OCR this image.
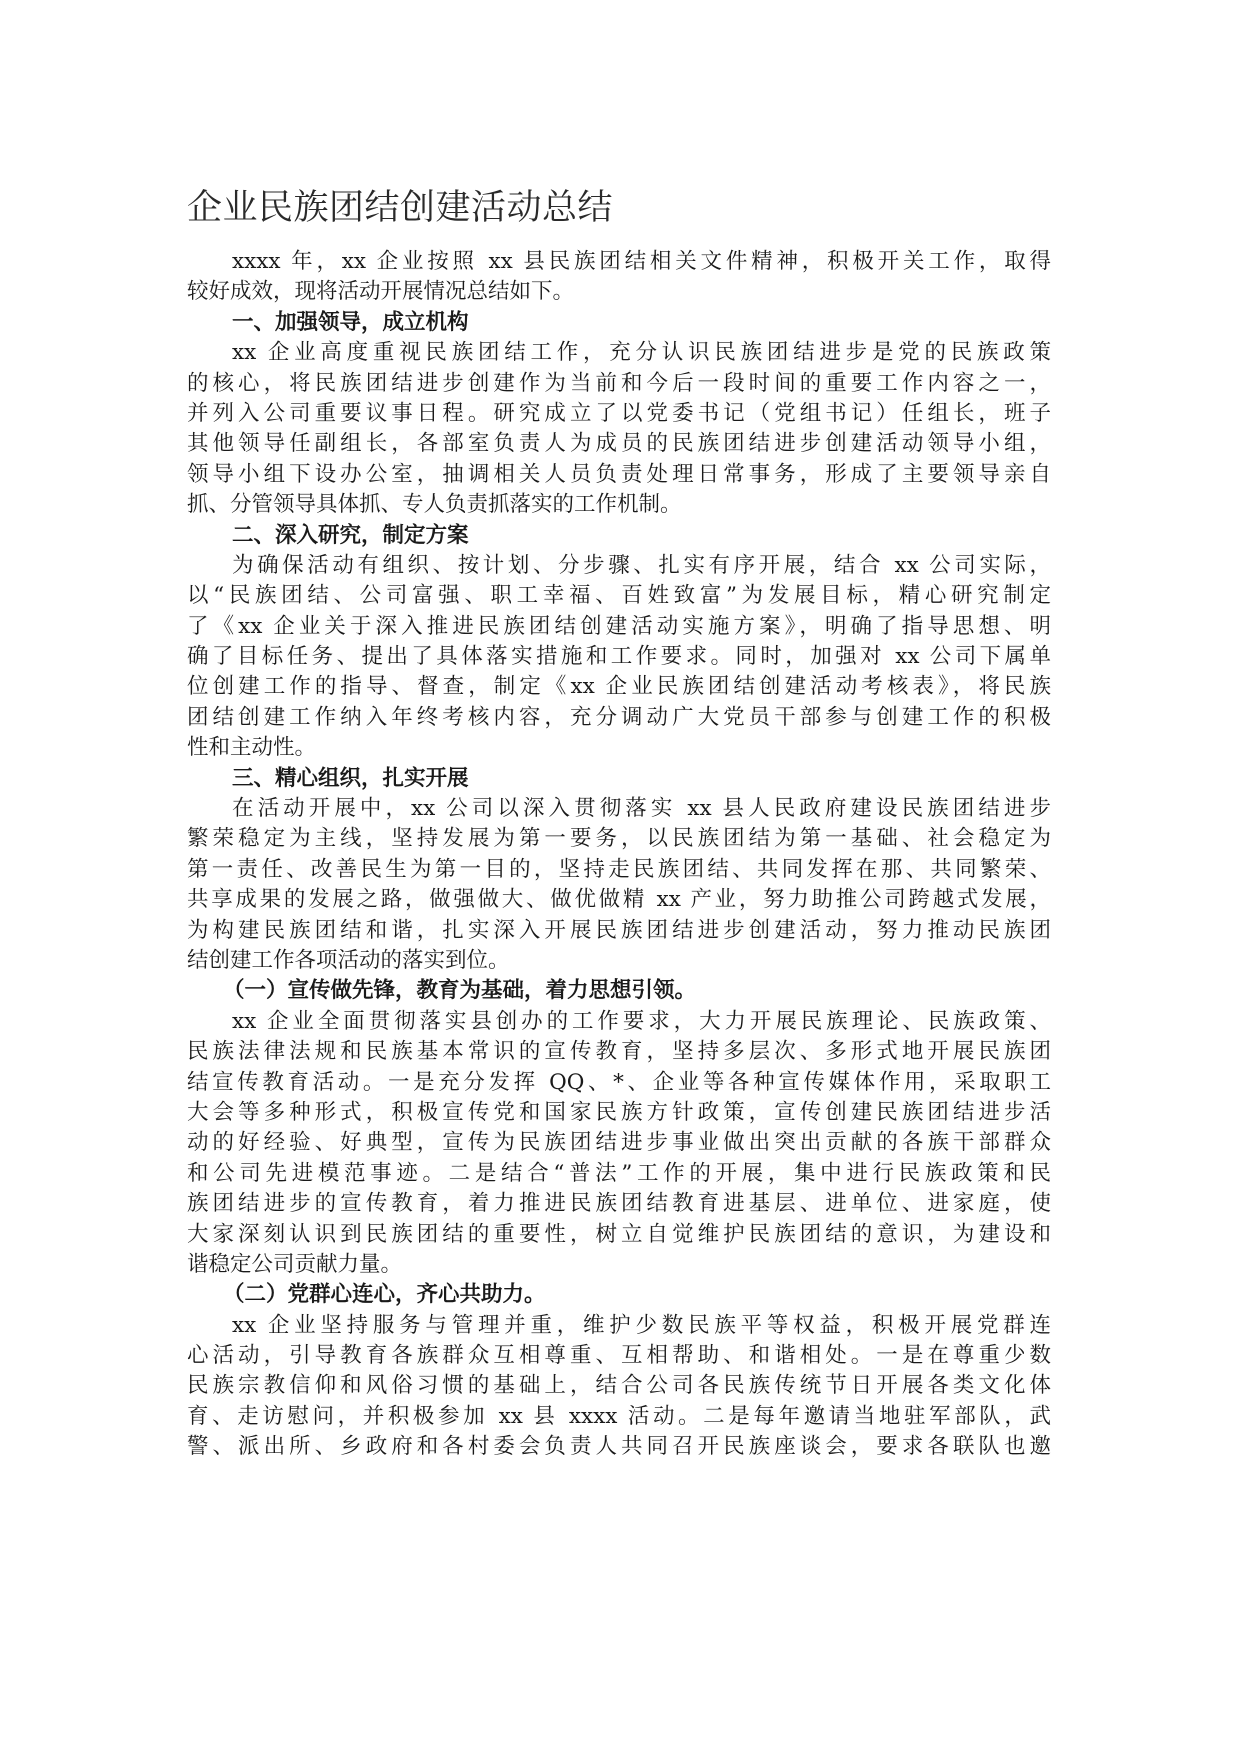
企业民族团结创建活动总结
xxxx 年，xx 企业按照 xx 县民族团结相关文件精神，积极开关工作，取得
较好成效，现将活动开展情况总结如下。
一、加强领导，成立机构
xx 企业高度重视民族团结工作，充分认识民族团结进步是党的民族政策
的核心，将民族团结进步创建作为当前和今后一段时间的重要工作内容之一，
并列入公司重要议事日程。研究成立了以党委书记（党组书记）任组长，班子
其他领导任副组长，各部室负责人为成员的民族团结进步创建活动领导小组，
领导小组下设办公室，抽调相关人员负责处理日常事务，形成了主要领导亲自
抓、分管领导具体抓、专人负责抓落实的工作机制。
二、深入研究，制定方案
为确保活动有组织、按计划、分步骤、扎实有序开展，结合 xx 公司实际，
以“民族团结、公司富强、职工幸福、百姓致富”为发展目标，精心研究制定
了《xx 企业关于深入推进民族团结创建活动实施方案》，明确了指导思想、明
确了目标任务、提出了具体落实措施和工作要求。同时，加强对 xx 公司下属单
位创建工作的指导、督查，制定《xx 企业民族团结创建活动考核表》，将民族
团结创建工作纳入年终考核内容，充分调动广大党员干部参与创建工作的积极
性和主动性。
三、精心组织，扎实开展
在活动开展中，xx 公司以深入贯彻落实 xx 县人民政府建设民族团结进步
繁荣稳定为主线，坚持发展为第一要务，以民族团结为第一基础、社会稳定为
第一责任、改善民生为第一目的，坚持走民族团结、共同发挥在那、共同繁荣、
共享成果的发展之路，做强做大、做优做精 xx 产业，努力助推公司跨越式发展，
为构建民族团结和谐，扎实深入开展民族团结进步创建活动，努力推动民族团
结创建工作各项活动的落实到位。
（一）宣传做先锋，教育为基础，着力思想引领。
xx 企业全面贯彻落实县创办的工作要求，大力开展民族理论、民族政策、
民族法律法规和民族基本常识的宣传教育，坚持多层次、多形式地开展民族团
结宣传教育活动。一是充分发挥 QQ、*、企业等各种宣传媒体作用，采取职工
大会等多种形式，积极宣传党和国家民族方针政策，宣传创建民族团结进步活
动的好经验、好典型，宣传为民族团结进步事业做出突出贡献的各族干部群众
和公司先进模范事迹。二是结合“普法”工作的开展，集中进行民族政策和民
族团结进步的宣传教育，着力推进民族团结教育进基层、进单位、进家庭，使
大家深刻认识到民族团结的重要性，树立自觉维护民族团结的意识，为建设和
谐稳定公司贡献力量。
（二）党群心连心，齐心共助力。
xx 企业坚持服务与管理并重，维护少数民族平等权益，积极开展党群连
心活动，引导教育各族群众互相尊重、互相帮助、和谐相处。一是在尊重少数
民族宗教信仰和风俗习惯的基础上，结合公司各民族传统节日开展各类文化体
育、走访慰问，并积极参加 xx 县 xxxx 活动。二是每年邀请当地驻军部队，武
警、派出所、乡政府和各村委会负责人共同召开民族座谈会，要求各联队也邀
